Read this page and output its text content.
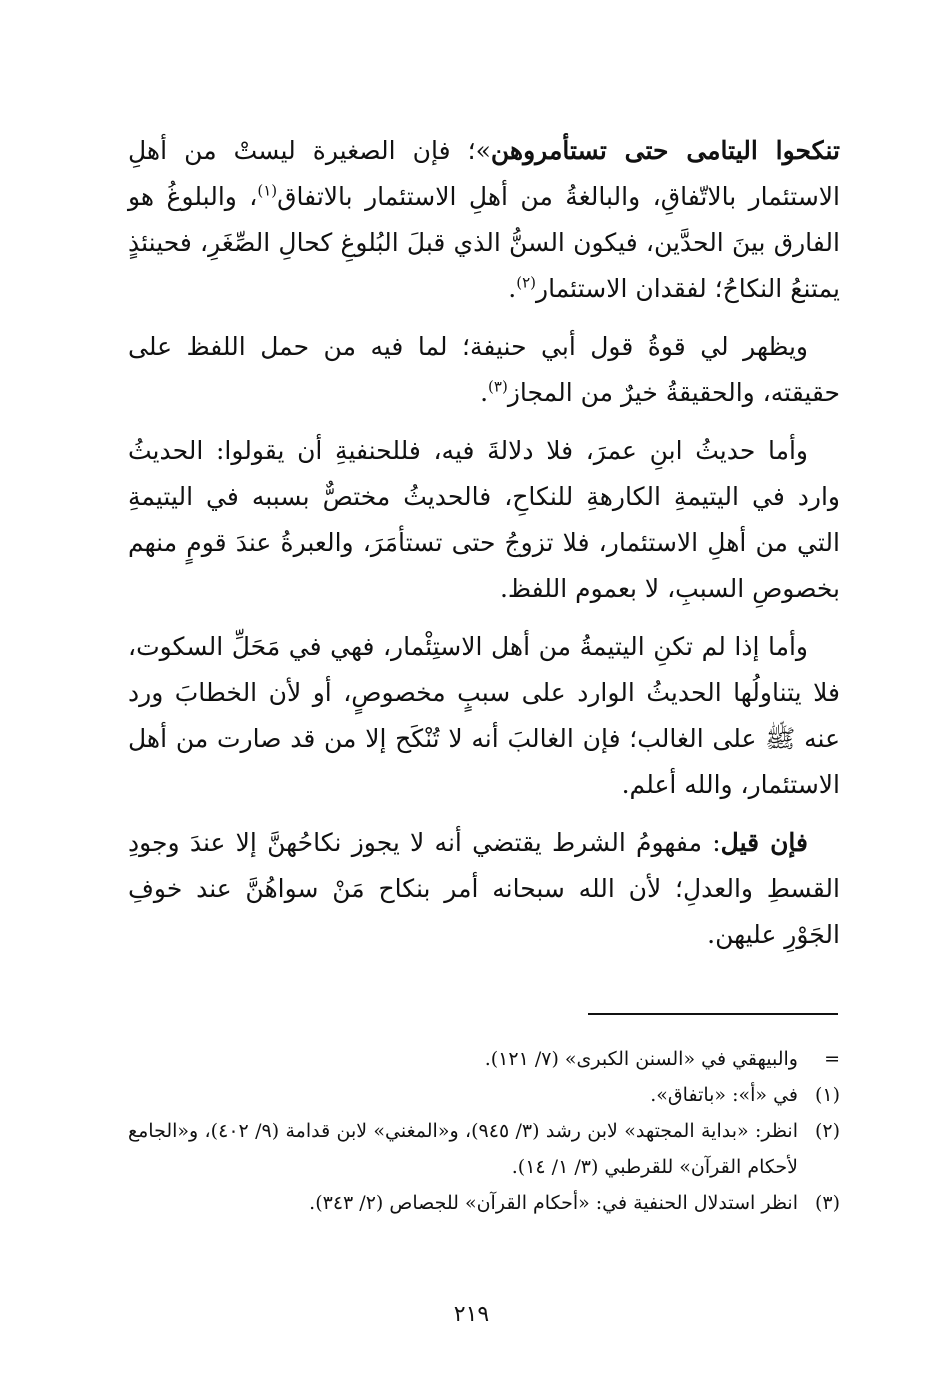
تنكحوا اليتامى حتى تستأمروهن»؛ فإن الصغيرة ليستْ من أهلِ الاستئمار بالاتّفاقِ، والبالغةُ من أهلِ الاستئمار بالاتفاق$^{(١)}$، والبلوغُ هو الفارق بينَ الحدَّين، فيكون السنُّ الذي قبلَ البُلوغِ كحالِ الصِّغَرِ، فحينئذٍ يمتنعُ النكاحُ؛ لفقدان الاستئمار$^{(٢)}$.

ويظهر لي قوةُ قول أبي حنيفة؛ لما فيه من حمل اللفظ على حقيقته، والحقيقةُ خيرٌ من المجاز$^{(٣)}$.

وأما حديثُ ابنِ عمرَ، فلا دلالةَ فيه، فللحنفيةِ أن يقولوا: الحديثُ وارد في اليتيمةِ الكارهةِ للنكاحِ، فالحديثُ مختصٌّ بسببه في اليتيمةِ التي من أهلِ الاستئمار، فلا تزوجُ حتى تستأمَرَ، والعبرةُ عندَ قومٍ منهم بخصوصِ السببِ، لا بعموم اللفظ.

وأما إذا لم تكنِ اليتيمةُ من أهل الاستِئْمار، فهي في مَحَلِّ السكوت، فلا يتناولُها الحديثُ الوارد على سببٍ مخصوصٍ، أو لأن الخطابَ ورد عنه ﷺ على الغالب؛ فإن الغالبَ أنه لا تُنْكَح إلا من قد صارت من أهل الاستئمار، والله أعلم.

فإن قيل: مفهومُ الشرط يقتضي أنه لا يجوز نكاحُهنَّ إلا عندَ وجودِ القسطِ والعدلِ؛ لأن الله سبحانه أمر بنكاح مَنْ سواهُنَّ عند خوفِ الجَوْرِ عليهن.

=
والبيهقي في «السنن الكبرى» (٧/ ١٢١).
(١)
في «أ»: «باتفاق».
(٢)
انظر: «بداية المجتهد» لابن رشد (٣/ ٩٤٥)، و«المغني» لابن قدامة (٩/ ٤٠٢)، و«الجامع لأحكام القرآن» للقرطبي (٣/ ١/ ١٤).
(٣)
انظر استدلال الحنفية في: «أحكام القرآن» للجصاص (٢/ ٣٤٣).
٢١٩
